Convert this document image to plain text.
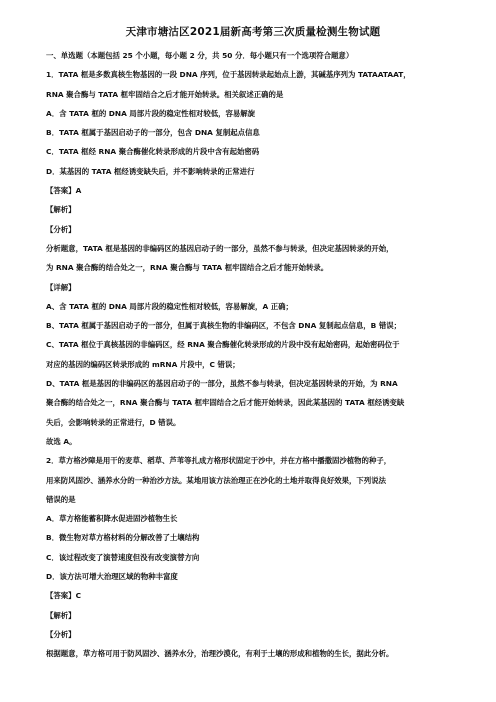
天津市塘沽区2021届新高考第三次质量检测生物试题
一、单选题（本题包括 25 个小题，每小题 2 分，共 50 分．每小题只有一个选项符合题意）
1．TATA 框是多数真核生物基因的一段 DNA 序列，位于基因转录起始点上游，其碱基序列为 TATAATAAT，
RNA 聚合酶与 TATA 框牢固结合之后才能开始转录。相关叙述正确的是
A．含 TATA 框的 DNA 局部片段的稳定性相对较低，容易解旋
B．TATA 框属于基因启动子的一部分，包含 DNA 复制起点信息
C．TATA 框经 RNA 聚合酶催化转录形成的片段中含有起始密码
D．某基因的 TATA 框经诱变缺失后，并不影响转录的正常进行
【答案】A
【解析】
【分析】
分析题意，TATA 框是基因的非编码区的基因启动子的一部分，虽然不参与转录，但决定基因转录的开始，
为 RNA 聚合酶的结合处之一，RNA 聚合酶与 TATA 框牢固结合之后才能开始转录。
【详解】
A、含 TATA 框的 DNA 局部片段的稳定性相对较低，容易解旋，A 正确；
B、TATA 框属于基因启动子的一部分，但属于真核生物的非编码区，不包含 DNA 复制起点信息，B 错误；
C、TATA 框位于真核基因的非编码区，经 RNA 聚合酶催化转录形成的片段中没有起始密码，起始密码位于
对应的基因的编码区转录形成的 mRNA 片段中，C 错误；
D、TATA 框是基因的非编码区的基因启动子的一部分，虽然不参与转录，但决定基因转录的开始，为 RNA
聚合酶的结合处之一，RNA 聚合酶与 TATA 框牢固结合之后才能开始转录，因此某基因的 TATA 框经诱变缺
失后，会影响转录的正常进行，D 错误。
故选 A。
2．草方格沙障是用干的麦草、稻草、芦苇等扎成方格形状固定于沙中，并在方格中播撒固沙植物的种子，
用来防风固沙、涵养水分的一种治沙方法。某地用该方法治理正在沙化的土地并取得良好效果，下列说法
错误的是
A．草方格能蓄积降水促进固沙植物生长
B．微生物对草方格材料的分解改善了土壤结构
C．该过程改变了演替速度但没有改变演替方向
D．该方法可增大治理区域的物种丰富度
【答案】C
【解析】
【分析】
根据题意，草方格可用于防风固沙、涵养水分，治理沙漠化，有利于土壤的形成和植物的生长，据此分析。
